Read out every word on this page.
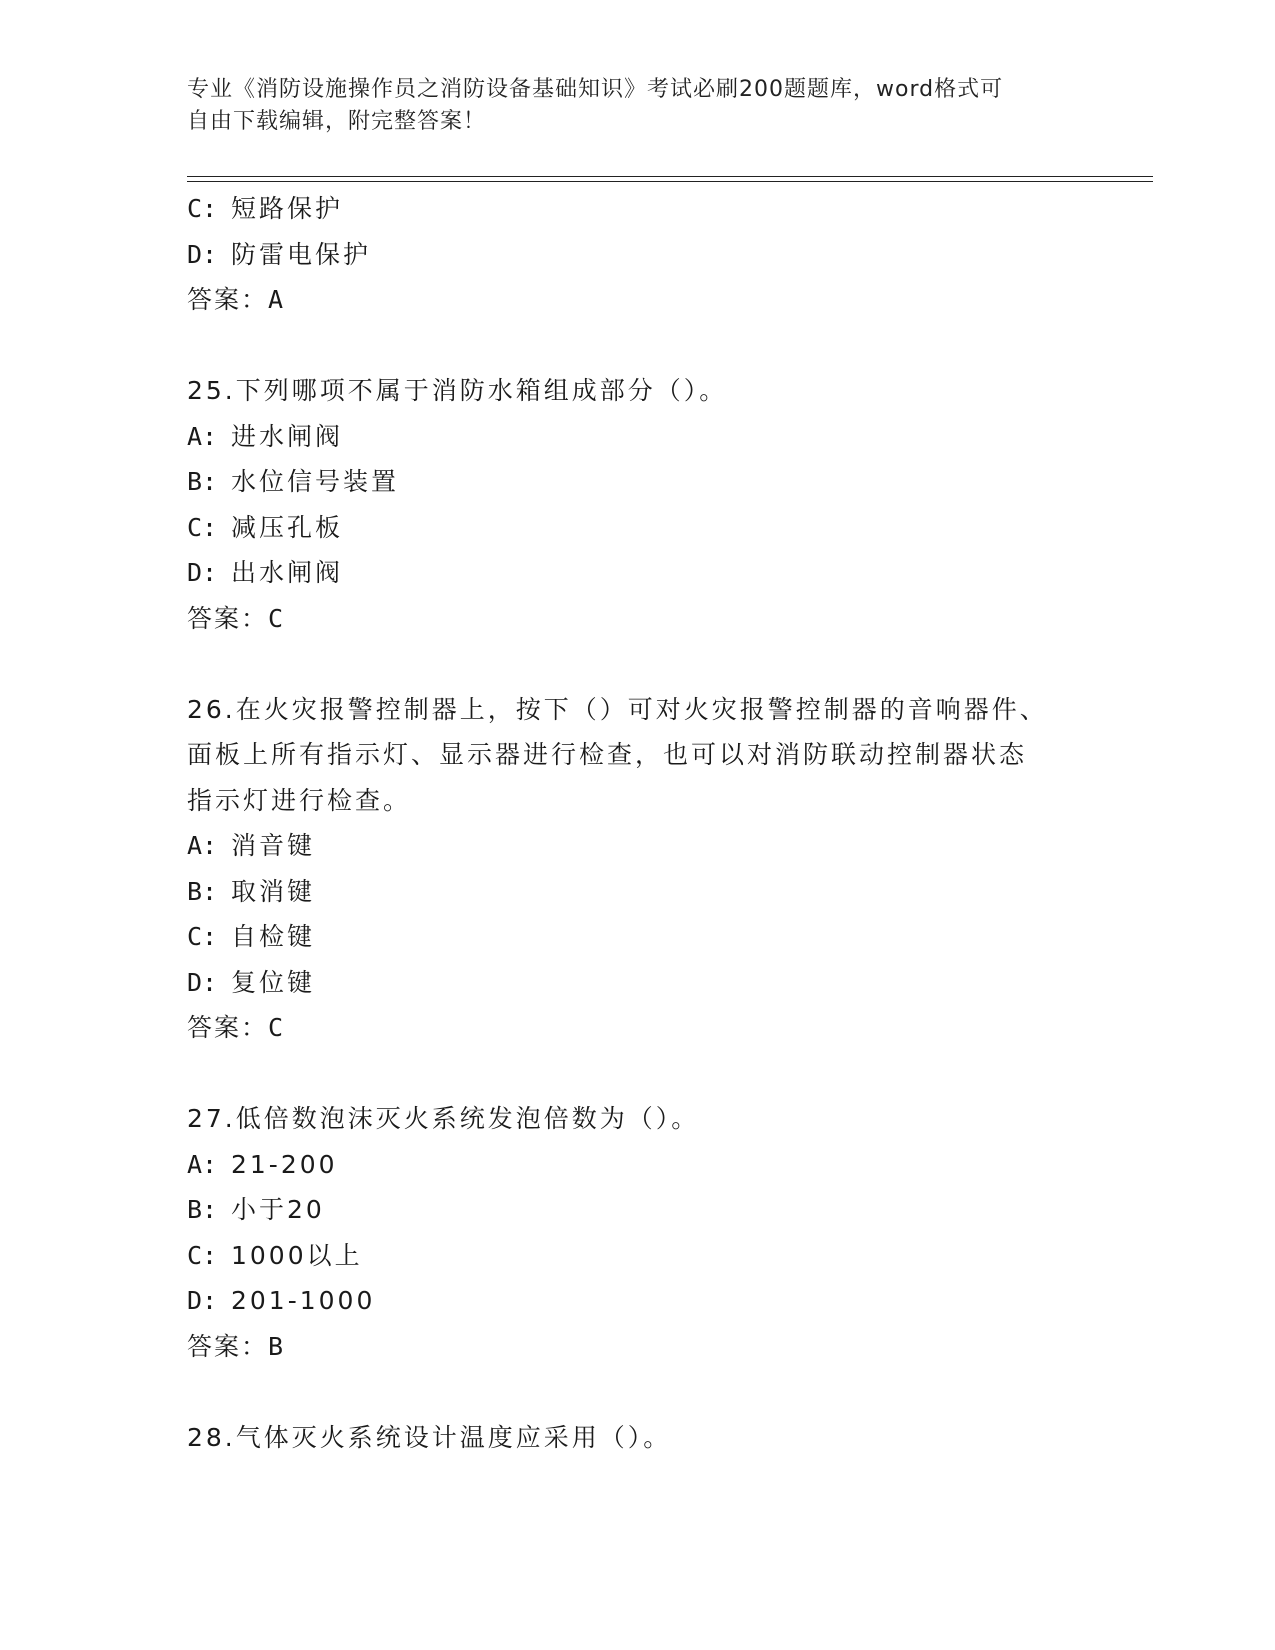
专业《消防设施操作员之消防设备基础知识》考试必刷200题题库，word格式可
自由下载编辑，附完整答案！
C: 短路保护
D: 防雷电保护
答案：A
25.下列哪项不属于消防水箱组成部分（）。
A: 进水闸阀
B: 水位信号装置
C: 减压孔板
D: 出水闸阀
答案：C
26.在火灾报警控制器上，按下（）可对火灾报警控制器的音响器件、
面板上所有指示灯、显示器进行检查，也可以对消防联动控制器状态
指示灯进行检查。
A: 消音键
B: 取消键
C: 自检键
D: 复位键
答案：C
27.低倍数泡沫灭火系统发泡倍数为（）。
A: 21-200
B: 小于20
C: 1000以上
D: 201-1000
答案：B
28.气体灭火系统设计温度应采用（）。
